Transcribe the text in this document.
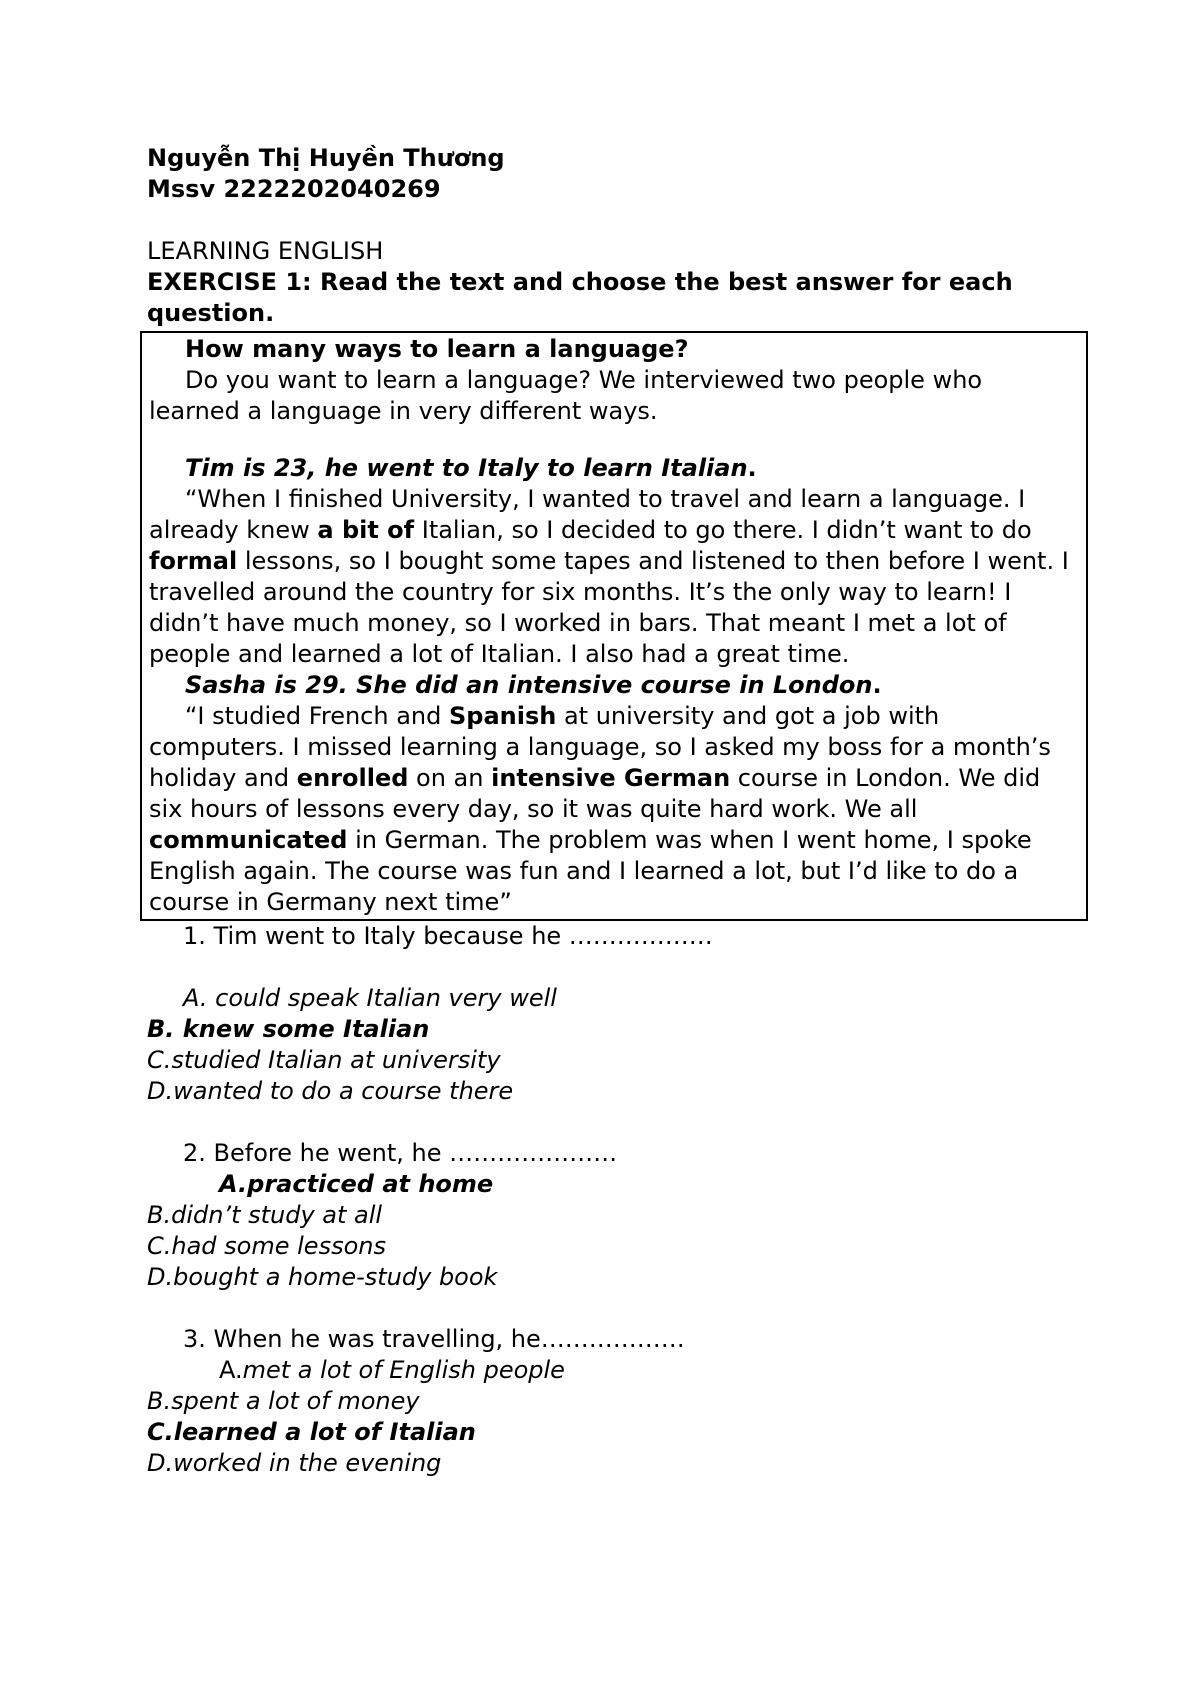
Nguyễn Thị Huyền Thương

Mssv 2222202040269

LEARNING ENGLISH

EXERCISE 1: Read the text and choose the best answer for each question.

How many ways to learn a language?

Do you want to learn a language? We interviewed two people who learned a language in very different ways.

Tim is 23, he went to Italy to learn Italian.

“When I finished University, I wanted to travel and learn a language. I already knew a bit of Italian, so I decided to go there. I didn’t want to do formal lessons, so I bought some tapes and listened to then before I went. I travelled around the country for six months. It’s the only way to learn! I didn’t have much money, so I worked in bars. That meant I met a lot of people and learned a lot of Italian. I also had a great time.

Sasha is 29. She did an intensive course in London.

“I studied French and Spanish at university and got a job with computers. I missed learning a language, so I asked my boss for a month’s holiday and enrolled on an intensive German course in London. We did six hours of lessons every day, so it was quite hard work. We all communicated in German. The problem was when I went home, I spoke English again. The course was fun and I learned a lot, but I’d like to do a course in Germany next time”

1. Tim went to Italy because he ………………

A. could speak Italian very well

B. knew some Italian

C.studied Italian at university

D.wanted to do a course there

2. Before he went, he …………………

A.practiced at home

B.didn’t study at all

C.had some lessons

D.bought a home-study book

3. When he was travelling, he………………

A.met a lot of English people

B.spent a lot of money

C.learned a lot of Italian

D.worked in the evening
